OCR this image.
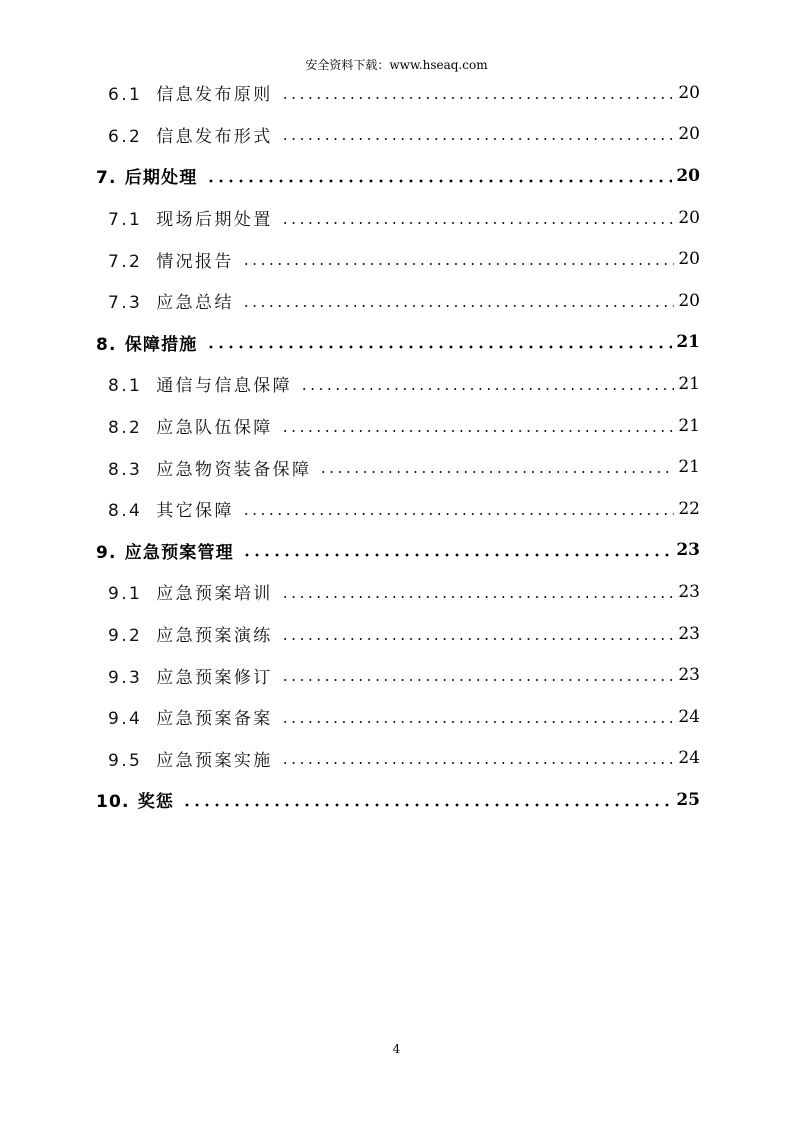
安全资料下载：www.hseaq.com
6.1 信息发布原则	20
6.2 信息发布形式	20
7. 后期处理	20
7.1 现场后期处置	20
7.2 情况报告	20
7.3 应急总结	20
8. 保障措施	21
8.1 通信与信息保障	21
8.2 应急队伍保障	21
8.3 应急物资装备保障	21
8.4 其它保障	22
9. 应急预案管理	23
9.1 应急预案培训	23
9.2 应急预案演练	23
9.3 应急预案修订	23
9.4 应急预案备案	24
9.5 应急预案实施	24
10. 奖惩	25
4
